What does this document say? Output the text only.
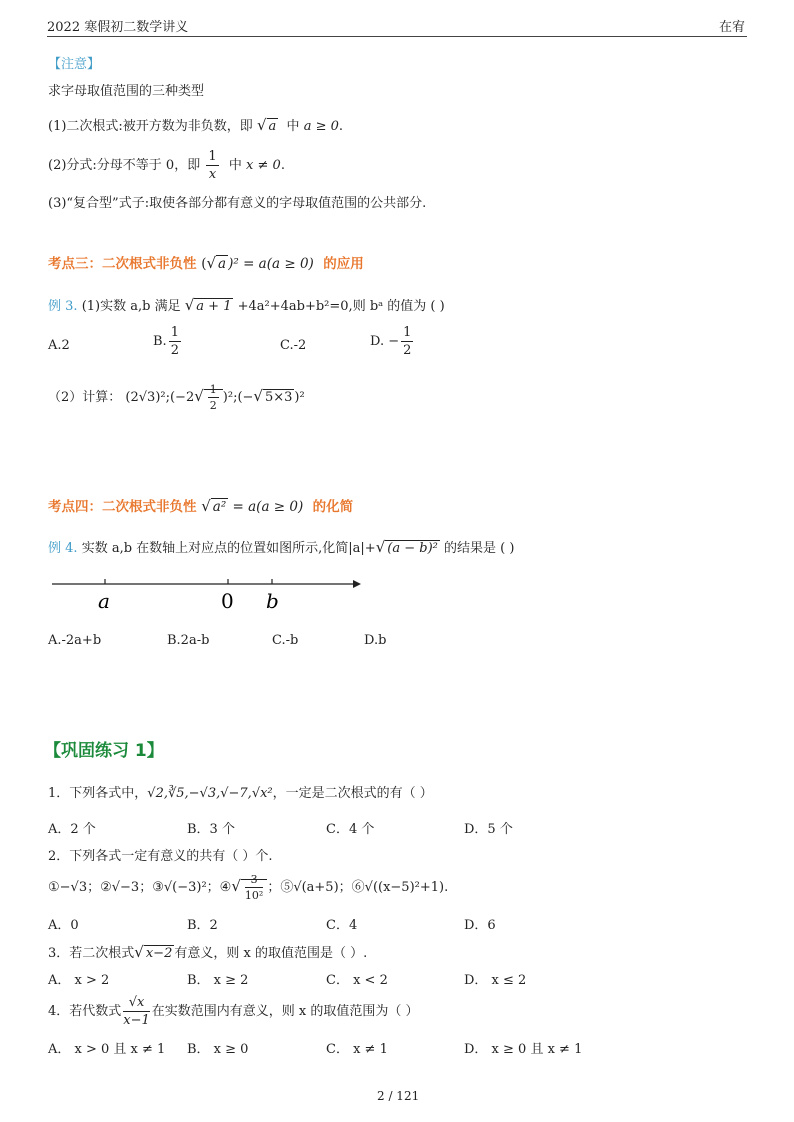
2022 寒假初二数学讲义	在宥
【注意】
求字母取值范围的三种类型
(1)二次根式:被开方数为非负数，即 √ a 中 a ≥ 0.
(2)分式:分母不等于 0，即 $\frac{1}{x}$ 中 x ≠ 0.
(3)“复合型”式子:取使各部分都有意义的字母取值范围的公共部分.
考点三：二次根式非负性 (√ a )² = a(a ≥ 0) 的应用
例 3. (1)实数 a,b 满足 √ a + 1 +4a²+4ab+b²=0,则 bᵃ 的值为 ( )
A.2	B. $\frac{1}{2}$	C.-2	D. − $\frac{1}{2}$
（2）计算： (2√3)²;(−2√ $\frac{1}{2}$ )²;(−√ 5×3 )²
考点四：二次根式非负性 √ a² = a(a ≥ 0) 的化简
例 4. 实数 a,b 在数轴上对应点的位置如图所示,化简|a|+√ (a − b)² 的结果是 ( )
a	0 b
A.-2a+b	B.2a-b	C.-b	D.b
【巩固练习 1】
1．下列各式中，√2,∛5,−√3,√−7,√x²，一定是二次根式的有（ ）
A．2 个	B．3 个	C．4 个	D．5 个
2．下列各式一定有意义的共有（ ）个.
①−√3；②√−3；③√(−3)²；④√ $\frac{3}{\text{10²}}$ ；⑤√(a+5)；⑥√((x−5)²+1).
A．0	B．2	C．4	D．6
3．若二次根式√ x−2 有意义，则 x 的取值范围是（ ）.
A． x > 2	B． x ≥ 2	C． x < 2	D． x ≤ 2
4．若代数式 $\frac{√x}{x-1}$ 在实数范围内有意义，则 x 的取值范围为（ ）
A． x > 0 且 x ≠ 1 B． x ≥ 0	C． x ≠ 1	D． x ≥ 0 且 x ≠ 1
2 / 121
